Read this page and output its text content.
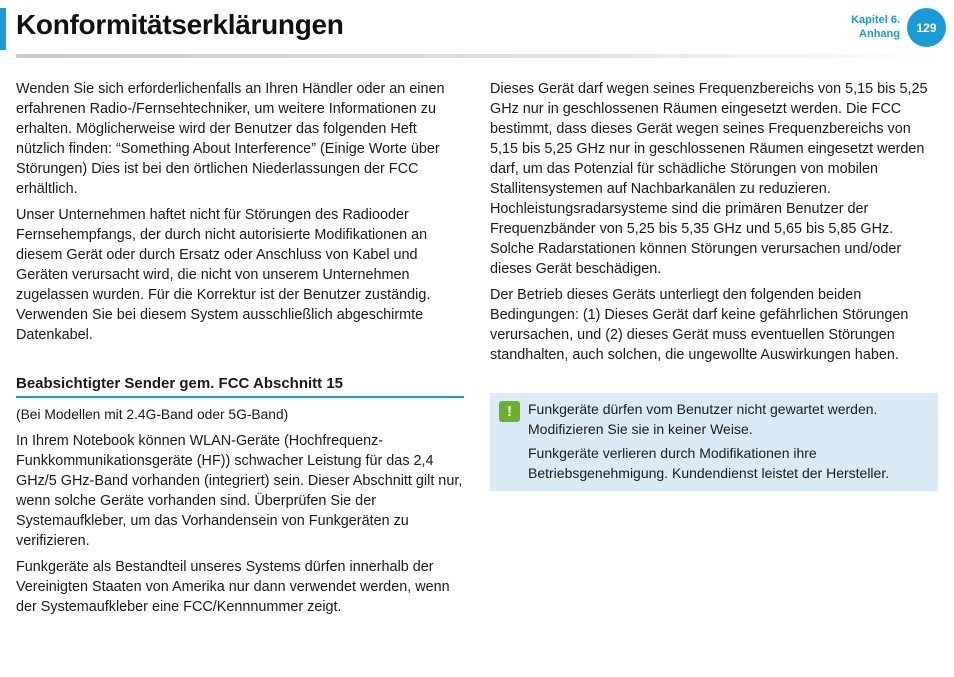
Konformitätserklärungen	Kapitel 6.
Anhang	129

Wenden Sie sich erforderlichenfalls an Ihren Händler oder an einen erfahrenen Radio-/Fernsehtechniker, um weitere Informationen zu erhalten. Möglicherweise wird der Benutzer das folgenden Heft nützlich finden: “Something About Interference” (Einige Worte über Störungen) Dies ist bei den örtlichen Niederlassungen der FCC erhältlich.

Unser Unternehmen haftet nicht für Störungen des Radiooder Fernsehempfangs, der durch nicht autorisierte Modifikationen an diesem Gerät oder durch Ersatz oder Anschluss von Kabel und Geräten verursacht wird, die nicht von unserem Unternehmen zugelassen wurden. Für die Korrektur ist der Benutzer zuständig. Verwenden Sie bei diesem System ausschließlich abgeschirmte Datenkabel.

Beabsichtigter Sender gem. FCC Abschnitt 15

(Bei Modellen mit 2.4G-Band oder 5G-Band)

In Ihrem Notebook können WLAN-Geräte (Hochfrequenz-Funkkommunikationsgeräte (HF)) schwacher Leistung für das 2,4 GHz/5 GHz-Band vorhanden (integriert) sein. Dieser Abschnitt gilt nur, wenn solche Geräte vorhanden sind. Überprüfen Sie der Systemaufkleber, um das Vorhandensein von Funkgeräten zu verifizieren.

Funkgeräte als Bestandteil unseres Systems dürfen innerhalb der Vereinigten Staaten von Amerika nur dann verwendet werden, wenn der Systemaufkleber eine FCC/Kennnummer zeigt.

Dieses Gerät darf wegen seines Frequenzbereichs von 5,15 bis 5,25 GHz nur in geschlossenen Räumen eingesetzt werden. Die FCC bestimmt, dass dieses Gerät wegen seines Frequenzbereichs von 5,15 bis 5,25 GHz nur in geschlossenen Räumen eingesetzt werden darf, um das Potenzial für schädliche Störungen von mobilen Stallitensystemen auf Nachbarkanälen zu reduzieren. Hochleistungsradarsysteme sind die primären Benutzer der Frequenzbänder von 5,25 bis 5,35 GHz und 5,65 bis 5,85 GHz. Solche Radarstationen können Störungen verursachen und/oder dieses Gerät beschädigen.

Der Betrieb dieses Geräts unterliegt den folgenden beiden Bedingungen: (1) Dieses Gerät darf keine gefährlichen Störungen verursachen, und (2) dieses Gerät muss eventuellen Störungen standhalten, auch solchen, die ungewollte Auswirkungen haben.

!	Funkgeräte dürfen vom Benutzer nicht gewartet werden. Modifizieren Sie sie in keiner Weise.

Funkgeräte verlieren durch Modifikationen ihre Betriebsgenehmigung. Kundendienst leistet der Hersteller.
